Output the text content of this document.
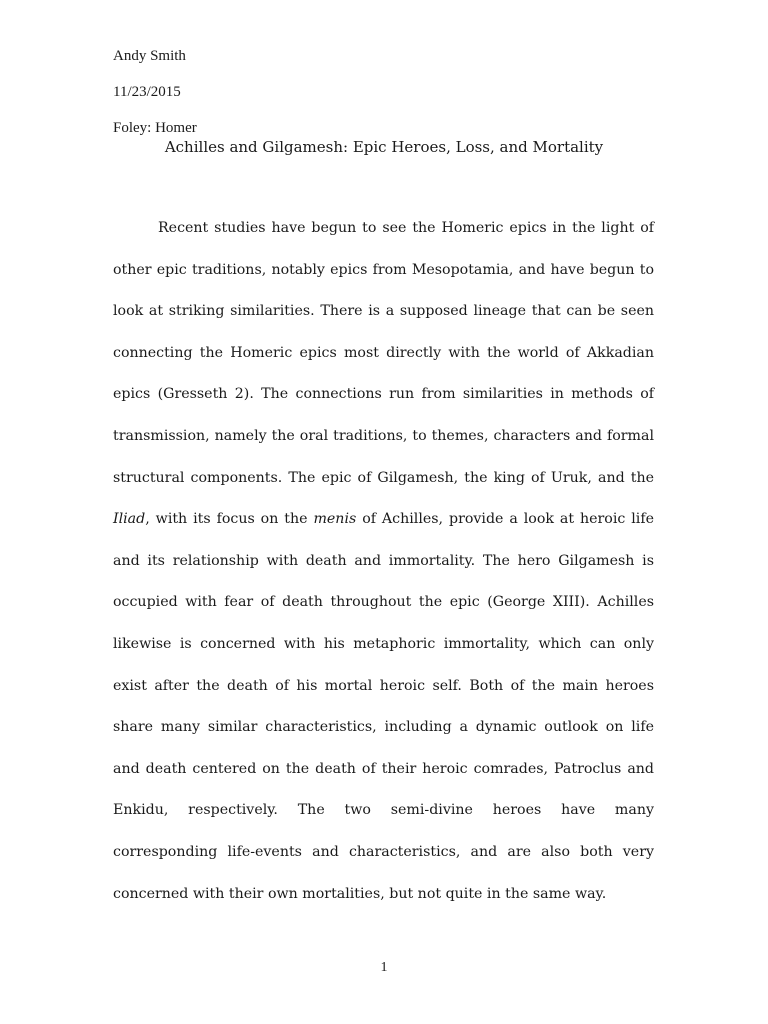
Andy Smith
11/23/2015
Foley: Homer
Achilles and Gilgamesh: Epic Heroes, Loss, and Mortality

Recent studies have begun to see the Homeric epics in the light of other epic traditions, notably epics from Mesopotamia, and have begun to look at striking similarities. There is a supposed lineage that can be seen connecting the Homeric epics most directly with the world of Akkadian epics (Gresseth 2). The connections run from similarities in methods of transmission, namely the oral traditions, to themes, characters and formal structural components. The epic of Gilgamesh, the king of Uruk, and the Iliad, with its focus on the menis of Achilles, provide a look at heroic life and its relationship with death and immortality. The hero Gilgamesh is occupied with fear of death throughout the epic (George XIII). Achilles likewise is concerned with his metaphoric immortality, which can only exist after the death of his mortal heroic self. Both of the main heroes share many similar characteristics, including a dynamic outlook on life and death centered on the death of their heroic comrades, Patroclus and Enkidu, respectively. The two semi-divine heroes have many corresponding life-events and characteristics, and are also both very concerned with their own mortalities, but not quite in the same way.

1
